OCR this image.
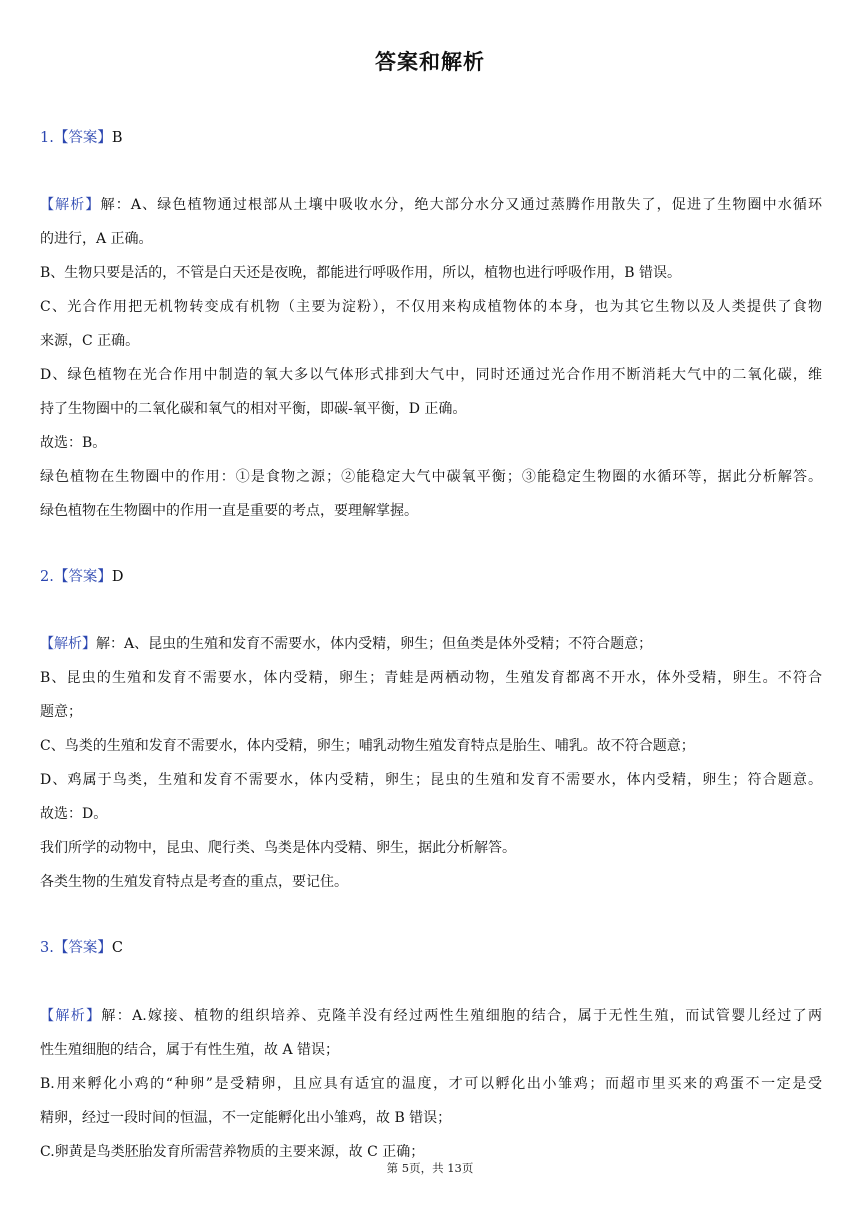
答案和解析
1.【答案】B
【解析】解：A、绿色植物通过根部从土壤中吸收水分，绝大部分水分又通过蒸腾作用散失了，促进了生物圈中水循环
的进行，A 正确。
B、生物只要是活的，不管是白天还是夜晚，都能进行呼吸作用，所以，植物也进行呼吸作用，B 错误。
C、光合作用把无机物转变成有机物（主要为淀粉），不仅用来构成植物体的本身，也为其它生物以及人类提供了食物
来源，C 正确。
D、绿色植物在光合作用中制造的氧大多以气体形式排到大气中，同时还通过光合作用不断消耗大气中的二氧化碳，维
持了生物圈中的二氧化碳和氧气的相对平衡，即碳-氧平衡，D 正确。
故选：B。
绿色植物在生物圈中的作用：①是食物之源；②能稳定大气中碳氧平衡；③能稳定生物圈的水循环等，据此分析解答。
绿色植物在生物圈中的作用一直是重要的考点，要理解掌握。
2.【答案】D
【解析】解：A、昆虫的生殖和发育不需要水，体内受精，卵生；但鱼类是体外受精；不符合题意；
B、昆虫的生殖和发育不需要水，体内受精，卵生；青蛙是两栖动物，生殖发育都离不开水，体外受精，卵生。不符合
题意；
C、鸟类的生殖和发育不需要水，体内受精，卵生；哺乳动物生殖发育特点是胎生、哺乳。故不符合题意；
D、鸡属于鸟类，生殖和发育不需要水，体内受精，卵生；昆虫的生殖和发育不需要水，体内受精，卵生；符合题意。
故选：D。
我们所学的动物中，昆虫、爬行类、鸟类是体内受精、卵生，据此分析解答。
各类生物的生殖发育特点是考查的重点，要记住。
3.【答案】C
【解析】解：A.嫁接、植物的组织培养、克隆羊没有经过两性生殖细胞的结合，属于无性生殖，而试管婴儿经过了两
性生殖细胞的结合，属于有性生殖，故 A 错误；
B.用来孵化小鸡的“种卵”是受精卵，且应具有适宜的温度，才可以孵化出小雏鸡；而超市里买来的鸡蛋不一定是受
精卵，经过一段时间的恒温，不一定能孵化出小雏鸡，故 B 错误；
C.卵黄是鸟类胚胎发育所需营养物质的主要来源，故 C 正确；
第 5页，共 13页
